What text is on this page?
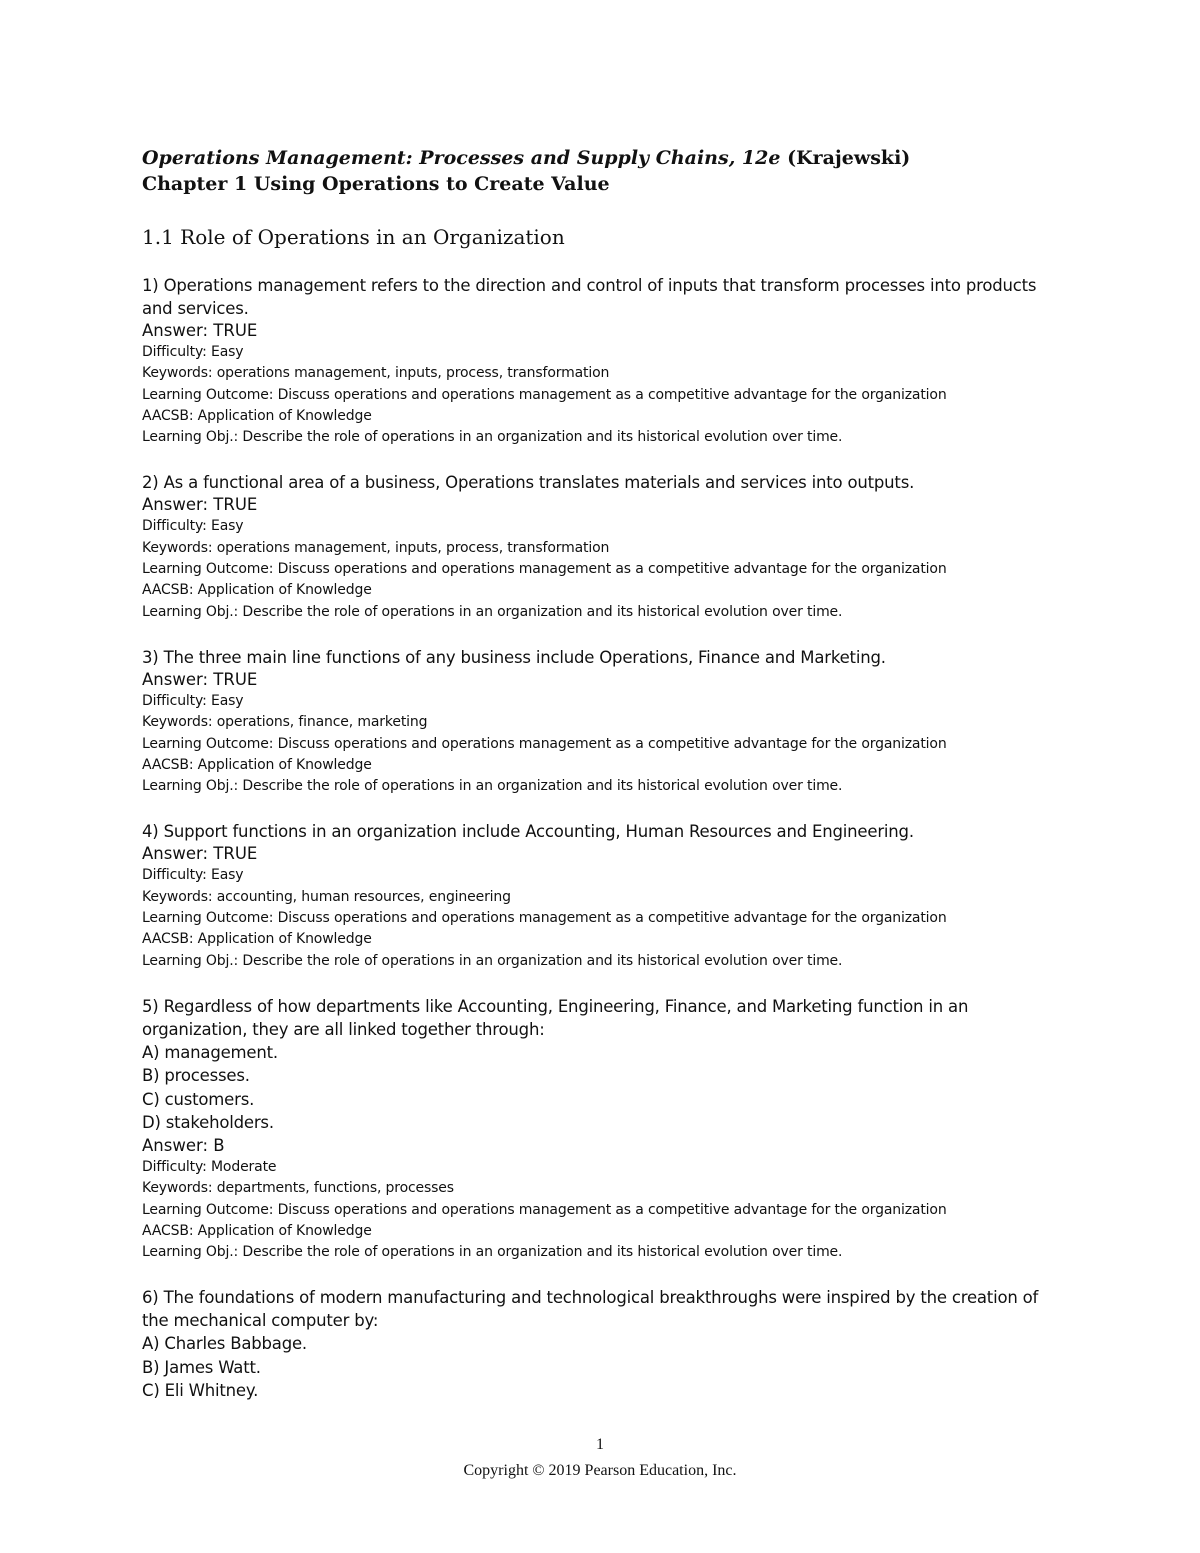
Operations Management: Processes and Supply Chains, 12e (Krajewski)

Chapter 1 Using Operations to Create Value

1.1 Role of Operations in an Organization

1) Operations management refers to the direction and control of inputs that transform processes into products and services.

Answer: TRUE

Difficulty: Easy

Keywords: operations management, inputs, process, transformation

Learning Outcome: Discuss operations and operations management as a competitive advantage for the organization

AACSB: Application of Knowledge

Learning Obj.: Describe the role of operations in an organization and its historical evolution over time.

2) As a functional area of a business, Operations translates materials and services into outputs.

Answer: TRUE

Difficulty: Easy

Keywords: operations management, inputs, process, transformation

Learning Outcome: Discuss operations and operations management as a competitive advantage for the organization

AACSB: Application of Knowledge

Learning Obj.: Describe the role of operations in an organization and its historical evolution over time.

3) The three main line functions of any business include Operations, Finance and Marketing.

Answer: TRUE

Difficulty: Easy

Keywords: operations, finance, marketing

Learning Outcome: Discuss operations and operations management as a competitive advantage for the organization

AACSB: Application of Knowledge

Learning Obj.: Describe the role of operations in an organization and its historical evolution over time.

4) Support functions in an organization include Accounting, Human Resources and Engineering.

Answer: TRUE

Difficulty: Easy

Keywords: accounting, human resources, engineering

Learning Outcome: Discuss operations and operations management as a competitive advantage for the organization

AACSB: Application of Knowledge

Learning Obj.: Describe the role of operations in an organization and its historical evolution over time.

5) Regardless of how departments like Accounting, Engineering, Finance, and Marketing function in an organization, they are all linked together through:

A) management.

B) processes.

C) customers.

D) stakeholders.

Answer: B

Difficulty: Moderate

Keywords: departments, functions, processes

Learning Outcome: Discuss operations and operations management as a competitive advantage for the organization

AACSB: Application of Knowledge

Learning Obj.: Describe the role of operations in an organization and its historical evolution over time.

6) The foundations of modern manufacturing and technological breakthroughs were inspired by the creation of the mechanical computer by:

A) Charles Babbage.

B) James Watt.

C) Eli Whitney.

1
Copyright © 2019 Pearson Education, Inc.
